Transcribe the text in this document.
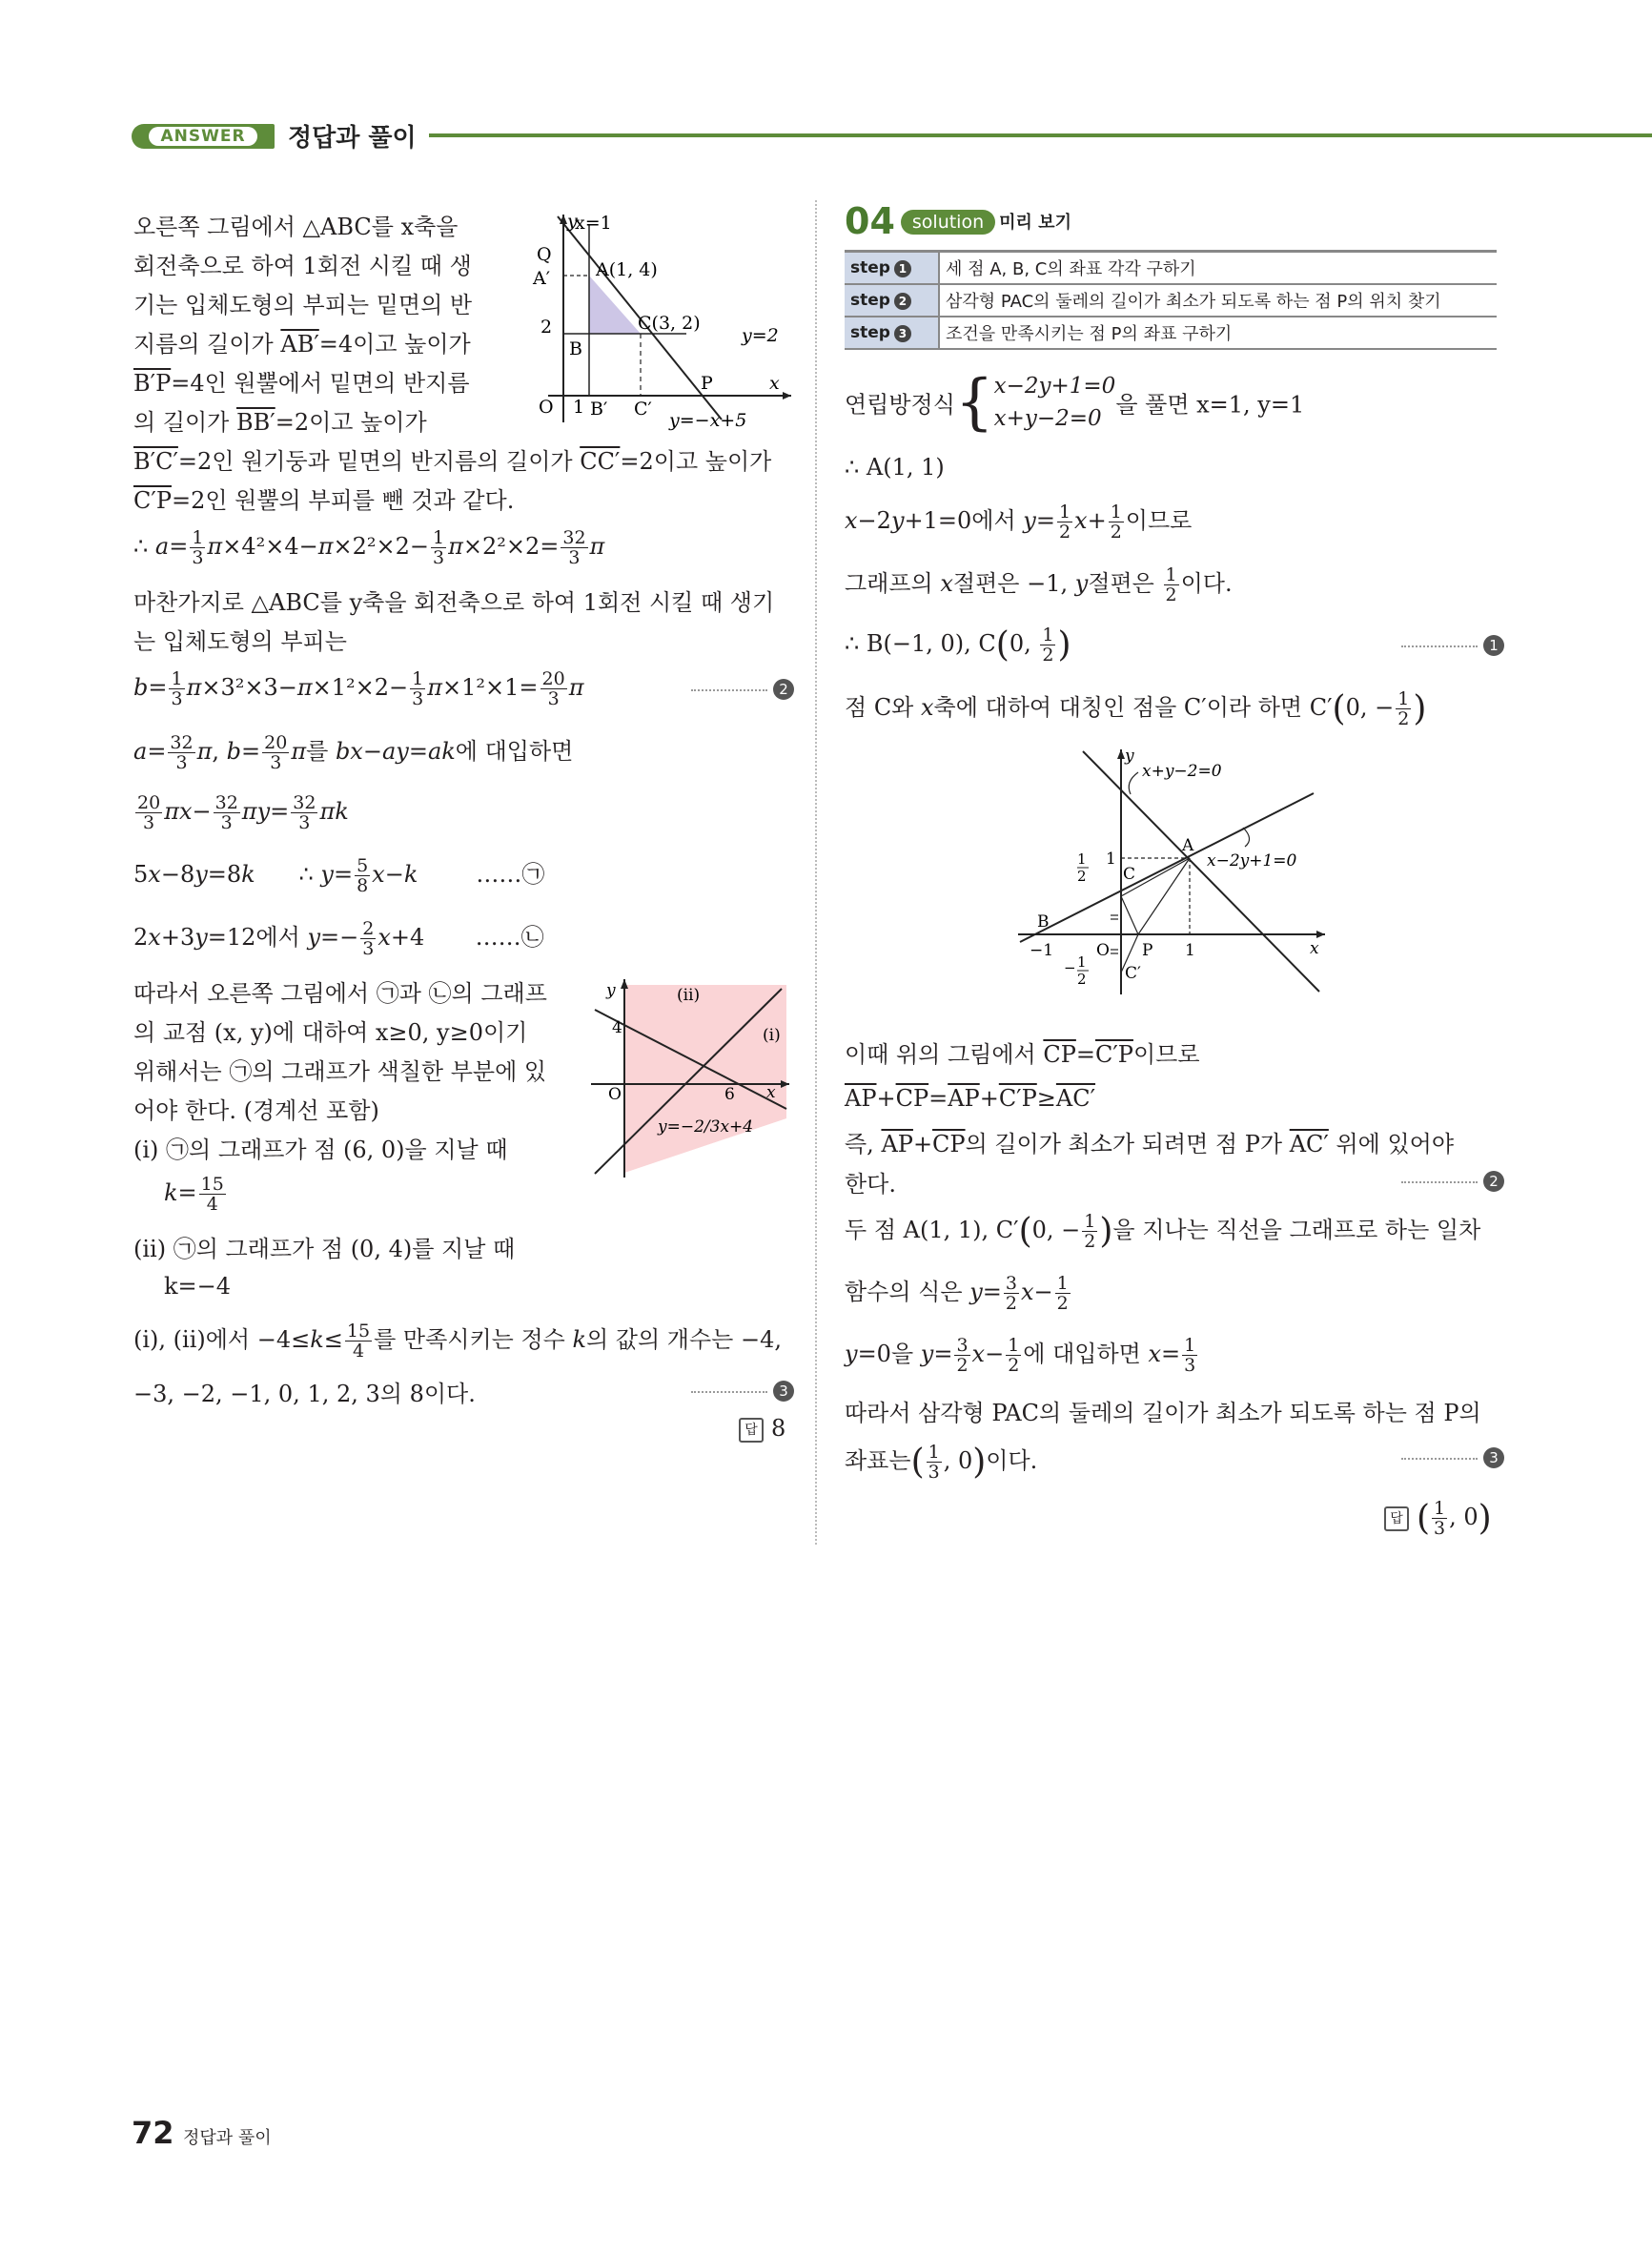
ANSWER	정답과 풀이
오른쪽 그림에서 △ABC를 x축을
회전축으로 하여 1회전 시킬 때 생
기는 입체도형의 부피는 밑면의 반
지름의 길이가 AB′=4이고 높이가
B′P=4인 원뿔에서 밑면의 반지름
의 길이가 BB′=2이고 높이가
B′C′=2인 원기둥과 밑면의 반지름의 길이가 CC′=2이고 높이가
C′P=2인 원뿔의 부피를 뺀 것과 같다.
y
x=1
Q
A(1, 4)
A′
C(3, 2)
2
B
y=2
P	x
O 1 B′ C′
y=−x+5
∴ $a= \frac{1}{3} \pi\times 4^2\times 4-\pi\times 2^2\times 2- \frac{1}{3} \pi\times 2^2\times 2= \frac{32}{3}$ π
마찬가지로 △ABC를 y축을 회전축으로 하여 1회전 시킬 때 생기
는 입체도형의 부피는
$b= \frac{1}{3} \pi\times 3^2\times 3-\pi\times 1^2\times 2- \frac{1}{3} \pi\times 1^2\times 1= \frac{20}{3}$ π	2
$a= \frac{32}{3} \pi$, $b= \frac{20}{3}$ π를 bx−ay=ak에 대입하면
$\frac{20}{3} \pi x- \frac{32}{3} \pi y= \frac{32}{3}$ πk
5x−8y=8k      ∴ $y= \frac{5}{8} x-k$        ……㉠
2x+3y=12에서 $y=- \frac{2}{3} x+4$       ……㉡
따라서 오른쪽 그림에서 ㉠과 ㉡의 그래프
의 교점 (x, y)에 대하여 x≥0, y≥0이기
위해서는 ㉠의 그래프가 색칠한 부분에 있
어야 한다. (경계선 포함)
y	(ⅱ)
(ⅰ)
4
O	6 x
y=−2/3x+4
(ⅰ) ㉠의 그래프가 점 (6, 0)을 지날 때
$k= \frac{15}{4}$
(ⅱ) ㉠의 그래프가 점 (0, 4)를 지날 때
k=−4
(ⅰ), (ⅱ)에서 $-4\le k\le \frac{15}{4}$ 를 만족시키는 정수 k의 값의 개수는 −4,
−3, −2, −1, 0, 1, 2, 3의 8이다.	3
답 8
04 solution 미리 보기
step 1	세 점 A, B, C의 좌표 각각 구하기
step 2	삼각형 PAC의 둘레의 길이가 최소가 되도록 하는 점 P의 위치 찾기
step 3	조건을 만족시키는 점 P의 좌표 구하기
연립방정식{ x−2y+1=0
x+y−2=0
을 풀면 x=1, y=1
∴ A(1, 1)
x−2y+1=0에서 $y= \frac{1}{2} x+ \frac{1}{2}$ 이므로
그래프의 x절편은 −1, y절편은 $\frac{1}{2}$ 이다.
∴ B(−1, 0), C(0, $\frac{1}{2}$ )	1
점 C와 x축에 대하여 대칭인 점을 C′이라 하면 C′(0, − $\frac{1}{2}$ )
y
x
x+y−2=0
x−2y+1=0
A
C
B
O P
C′
1
−1	1
1
2
− 1
2
이때 위의 그림에서 $\overline{CP}=C'P$이므로
$\overline{AP}+\overline{CP}=\overline{AP}+C'P\ge AC'$
즉, $\overline{AP}+\overline{CP}$의 길이가 최소가 되려면 점 P가 AC′ 위에 있어야
한다.	2
두 점 A(1, 1), C′(0, − $\frac{1}{2}$ )을 지나는 직선을 그래프로 하는 일차
함수의 식은 $y= \frac{3}{2} x- \frac{1}{2}$
y=0을 $y= \frac{3}{2} x- \frac{1}{2}$ 에 대입하면 $x= \frac{1}{3}$
따라서 삼각형 PAC의 둘레의 길이가 최소가 되도록 하는 점 P의
좌표는( $\frac{1}{3}$ , 0)이다.	3
답 ( $\frac{1}{3}$ , 0)
72 정답과 풀이
